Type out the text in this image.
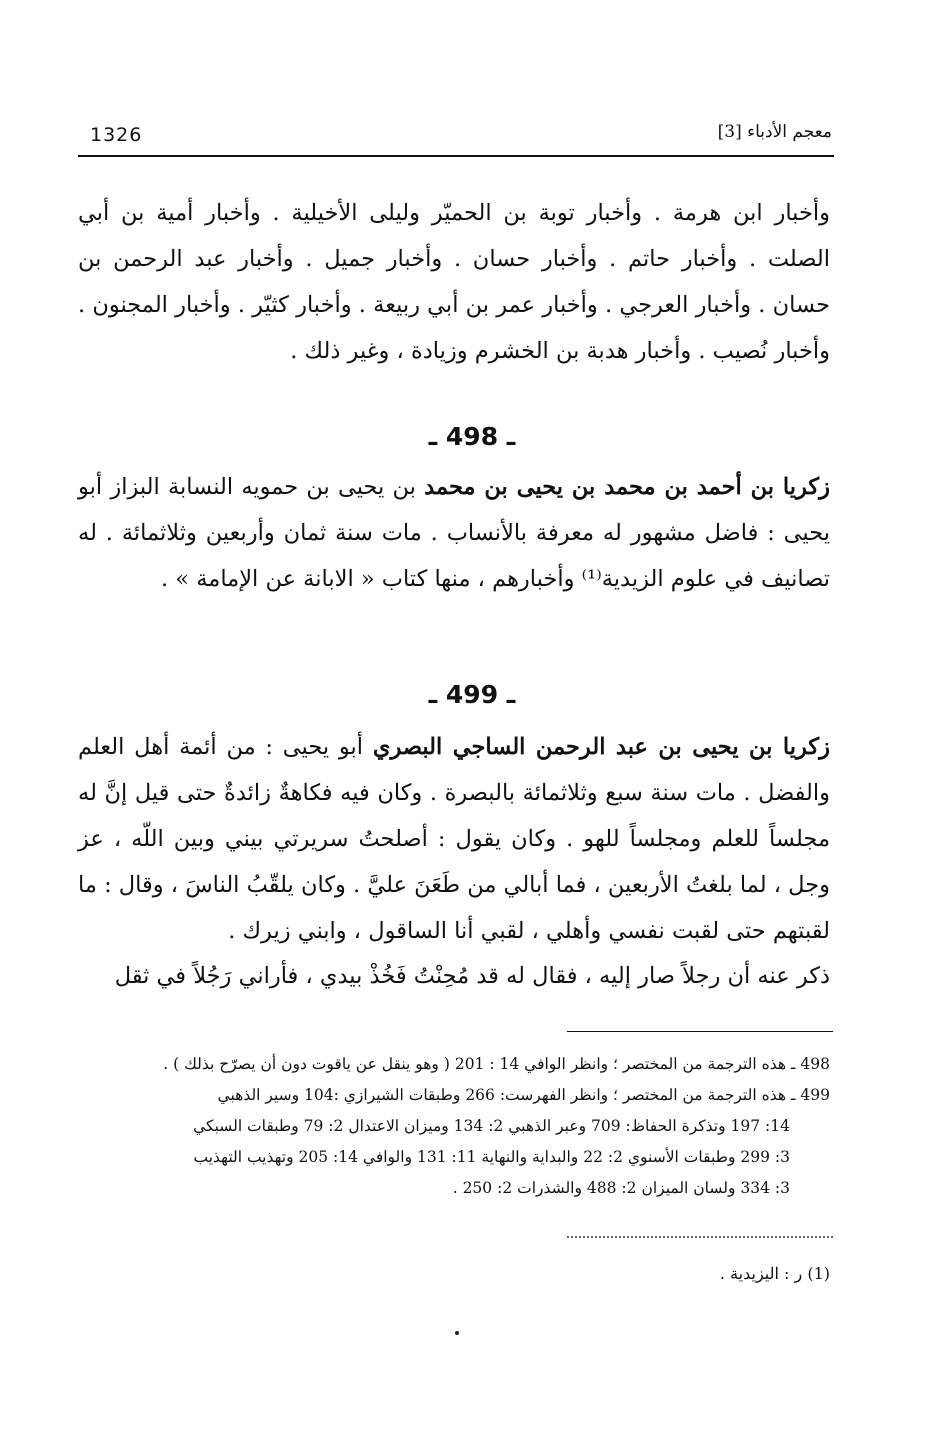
1326	معجم الأدباء [3]

وأخبار ابن هرمة . وأخبار توبة بن الحميّر وليلى الأخيلية . وأخبار أمية بن أبي الصلت . وأخبار حاتم . وأخبار حسان . وأخبار جميل . وأخبار عبد الرحمن بن حسان . وأخبار العرجي . وأخبار عمر بن أبي ربيعة . وأخبار كثيّر . وأخبار المجنون . وأخبار نُصيب . وأخبار هدبة بن الخشرم وزيادة ، وغير ذلك .

ـ 498 ـ

زكريا بن أحمد بن محمد بن يحيى بن محمد بن يحيى بن حمويه النسابة البزاز أبو يحيى : فاضل مشهور له معرفة بالأنساب . مات سنة ثمان وأربعين وثلاثمائة . له تصانيف في علوم الزيدية⁽¹⁾ وأخبارهم ، منها كتاب « الابانة عن الإمامة » .

ـ 499 ـ

زكريا بن يحيى بن عبد الرحمن الساجي البصري أبو يحيى : من أئمة أهل العلم والفضل . مات سنة سبع وثلاثمائة بالبصرة . وكان فيه فكاهةٌ زائدةٌ حتى قيل إنَّ له مجلساً للعلم ومجلساً للهو . وكان يقول : أصلحتُ سريرتي بيني وبين اللّه ، عز وجل ، لما بلغتُ الأربعين ، فما أبالي من طَعَنَ عليَّ . وكان يلقّبُ الناسَ ، وقال : ما لقبتهم حتى لقبت نفسي وأهلي ، لقبي أنا الساقول ، وابني زيرك .

ذكر عنه أن رجلاً صار إليه ، فقال له قد مُحِنْتُ فَخُذْ بيدي ، فأراني رَجُلاً في ثقل

498 ـ هذه الترجمة من المختصر ؛ وانظر الوافي 14 : 201 ( وهو ينقل عن ياقوت دون أن يصرّح بذلك ) .
499 ـ هذه الترجمة من المختصر ؛ وانظر الفهرست: 266 وطبقات الشيرازي :104 وسير الذهبي
14: 197 وتذكرة الحفاظ: 709 وعبر الذهبي 2: 134 وميزان الاعتدال 2: 79 وطبقات السبكي
3: 299 وطبقات الأسنوي 2: 22 والبداية والنهاية 11: 131 والوافي 14: 205 وتهذيب التهذيب
3: 334 ولسان الميزان 2: 488 والشذرات 2: 250 .
(1) ر : اليزيدية .
